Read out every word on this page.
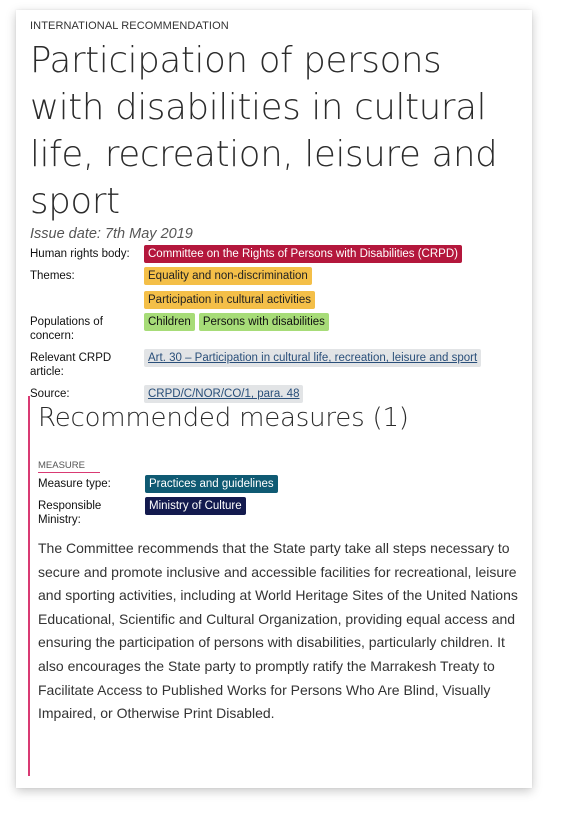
INTERNATIONAL RECOMMENDATION
Participation of persons with disabilities in cultural life, recreation, leisure and sport
Issue date: 7th May 2019
Human rights body:	Committee on the Rights of Persons with Disabilities (CRPD)
Themes:	Equality and non-discrimination
Participation in cultural activities
Populations of concern:
Children	Persons with disabilities
Relevant CRPD article:
Art. 30 – Participation in cultural life, recreation, leisure and sport
Source:	CRPD/C/NOR/CO/1, para. 48
Recommended measures (1)
MEASURE
Measure type:	Practices and guidelines
Responsible Ministry:
Ministry of Culture

The Committee recommends that the State party take all steps necessary to secure and promote inclusive and accessible facilities for recreational, leisure and sporting activities, including at World Heritage Sites of the United Nations Educational, Scientific and Cultural Organization, providing equal access and ensuring the participation of persons with disabilities, particularly children. It also encourages the State party to promptly ratify the Marrakesh Treaty to Facilitate Access to Published Works for Persons Who Are Blind, Visually Impaired, or Otherwise Print Disabled.
